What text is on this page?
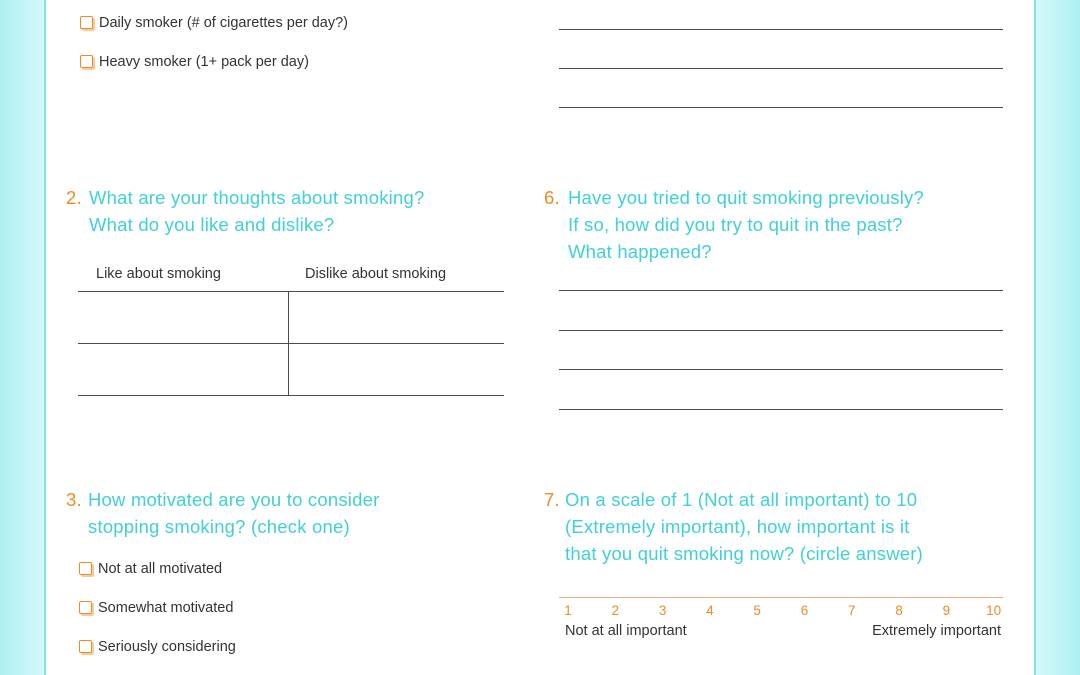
Daily smoker (# of cigarettes per day?)
Heavy smoker (1+ pack per day)
2. What are your thoughts about smoking?
What do you like and dislike?
Like about smoking	Dislike about smoking
6. Have you tried to quit smoking previously?
If so, how did you try to quit in the past?
What happened?
3. How motivated are you to consider
stopping smoking? (check one)
Not at all motivated
Somewhat motivated
Seriously considering
7. On a scale of 1 (Not at all important) to 10
(Extremely important), how important is it
that you quit smoking now? (circle answer)
1	2	3	4	5	6	7	8	9	10
Not at all important	Extremely important
